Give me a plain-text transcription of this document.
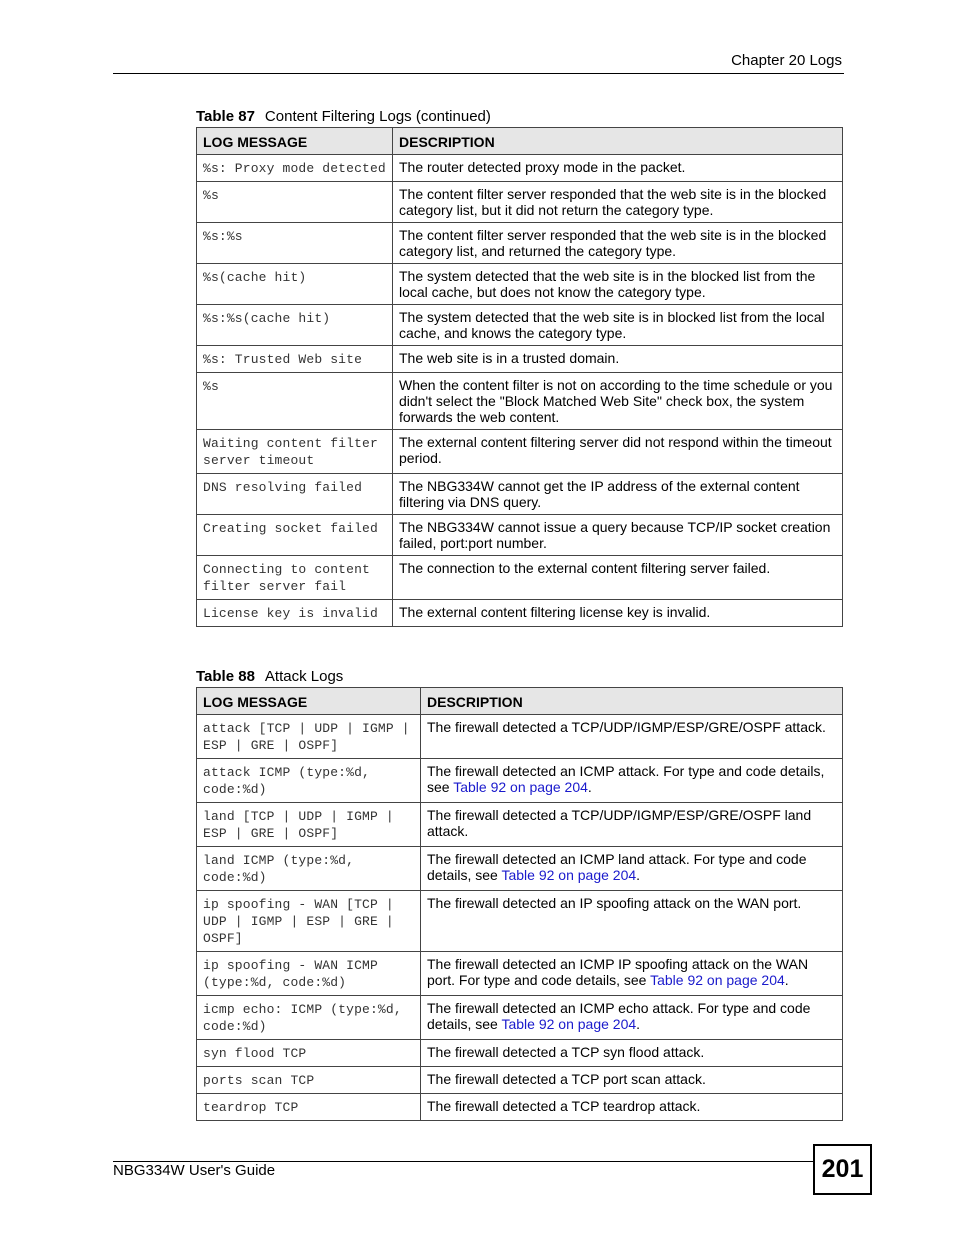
Chapter 20 Logs
Table 87 Content Filtering Logs (continued)
LOG MESSAGE	DESCRIPTION
%s: Proxy mode detected	The router detected proxy mode in the packet.
%s	The content filter server responded that the web site is in the blocked category list, but it did not return the category type.
%s:%s	The content filter server responded that the web site is in the blocked category list, and returned the category type.
%s(cache hit)	The system detected that the web site is in the blocked list from the local cache, but does not know the category type.
%s:%s(cache hit)	The system detected that the web site is in blocked list from the local cache, and knows the category type.
%s: Trusted Web site	The web site is in a trusted domain.
%s	When the content filter is not on according to the time schedule or you didn't select the "Block Matched Web Site" check box, the system forwards the web content.
Waiting content filter server timeout	The external content filtering server did not respond within the timeout period.
DNS resolving failed	The NBG334W cannot get the IP address of the external content filtering via DNS query.
Creating socket failed	The NBG334W cannot issue a query because TCP/IP socket creation failed, port:port number.
Connecting to content filter server fail	The connection to the external content filtering server failed.
License key is invalid	The external content filtering license key is invalid.
Table 88 Attack Logs
LOG MESSAGE	DESCRIPTION
attack [TCP | UDP | IGMP | ESP | GRE | OSPF]	The firewall detected a TCP/UDP/IGMP/ESP/GRE/OSPF attack.
attack ICMP (type:%d, code:%d)	The firewall detected an ICMP attack. For type and code details, see Table 92 on page 204.
land [TCP | UDP | IGMP | ESP | GRE | OSPF]	The firewall detected a TCP/UDP/IGMP/ESP/GRE/OSPF land attack.
land ICMP (type:%d, code:%d)	The firewall detected an ICMP land attack. For type and code details, see Table 92 on page 204.
ip spoofing - WAN [TCP | UDP | IGMP | ESP | GRE | OSPF]	The firewall detected an IP spoofing attack on the WAN port.
ip spoofing - WAN ICMP (type:%d, code:%d)	The firewall detected an ICMP IP spoofing attack on the WAN port. For type and code details, see Table 92 on page 204.
icmp echo: ICMP (type:%d, code:%d)	The firewall detected an ICMP echo attack. For type and code details, see Table 92 on page 204.
syn flood TCP	The firewall detected a TCP syn flood attack.
ports scan TCP	The firewall detected a TCP port scan attack.
teardrop TCP	The firewall detected a TCP teardrop attack.
NBG334W User's Guide	201
